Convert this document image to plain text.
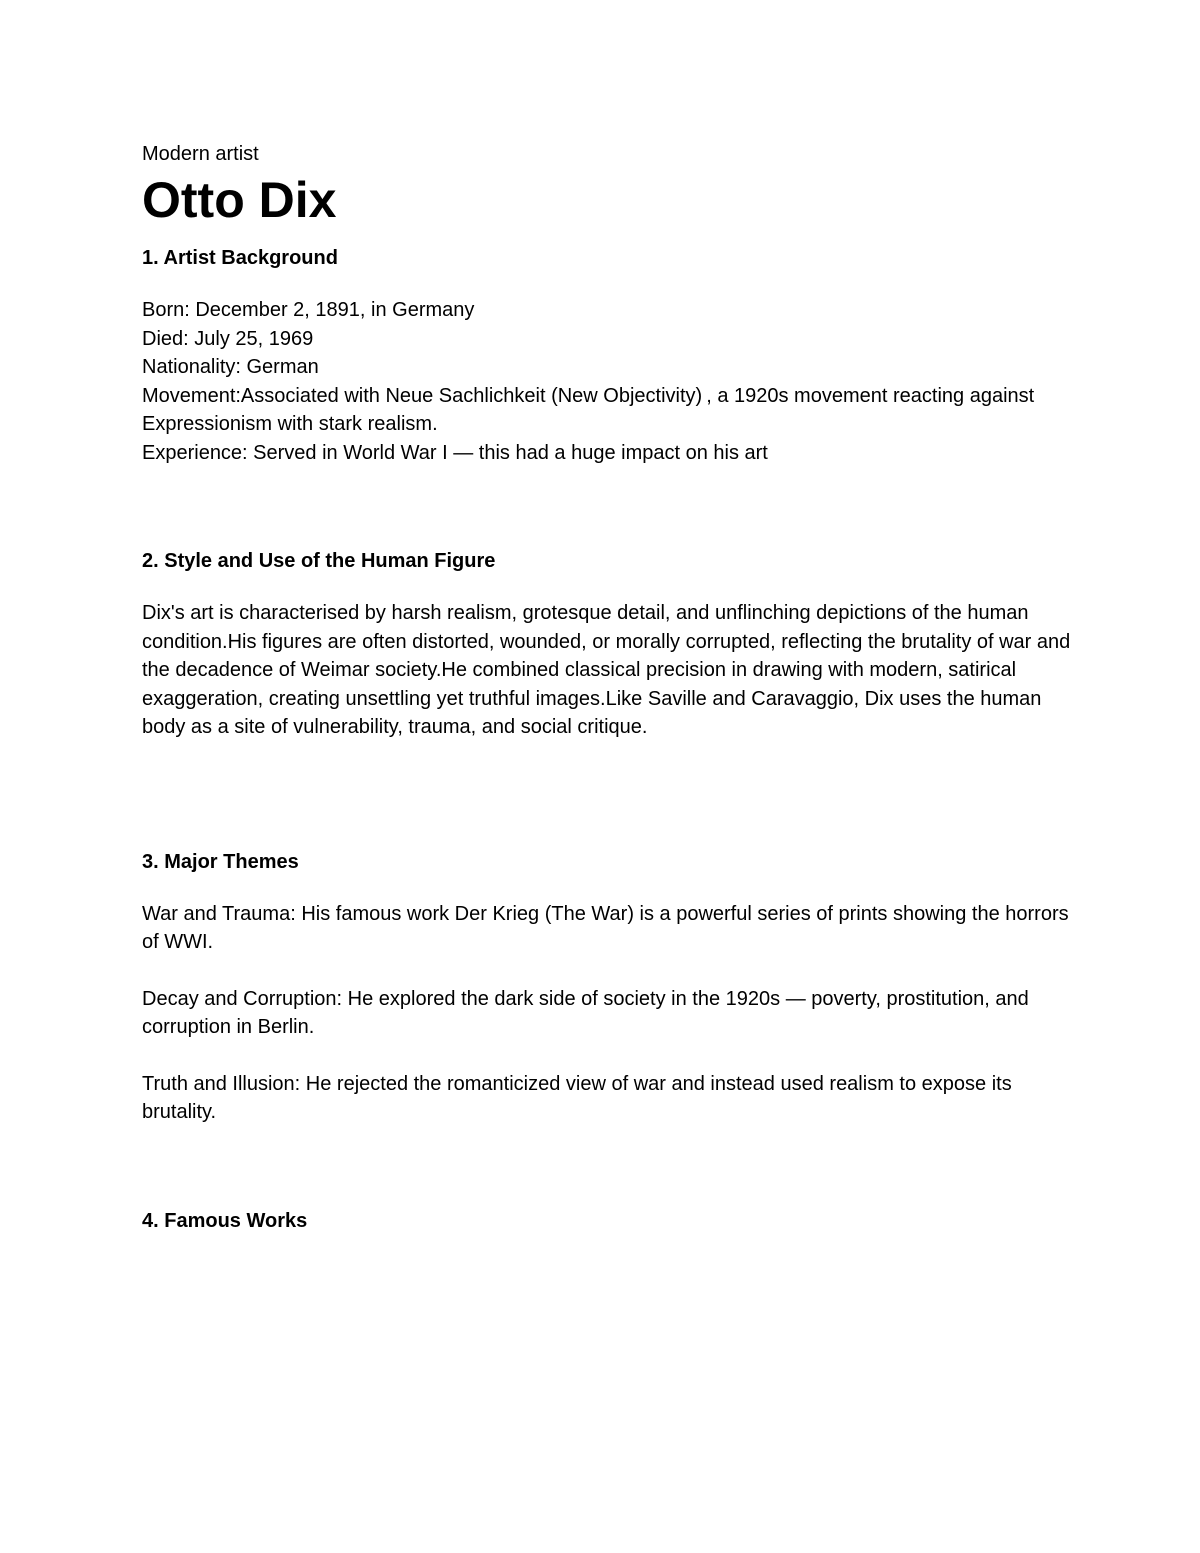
Modern artist

Otto Dix
1. Artist Background
Born: December 2, 1891, in Germany
Died: July 25, 1969
Nationality: German
Movement:Associated with Neue Sachlichkeit (New Objectivity) , a 1920s movement reacting against Expressionism with stark realism.
Experience: Served in World War I — this had a huge impact on his art
2. Style and Use of the Human Figure

Dix's art is characterised by harsh realism, grotesque detail, and unflinching depictions of the human condition.His figures are often distorted, wounded, or morally corrupted, reflecting the brutality of war and the decadence of Weimar society.He combined classical precision in drawing with modern, satirical exaggeration, creating unsettling yet truthful images.Like Saville and Caravaggio, Dix uses the human body as a site of vulnerability, trauma, and social critique.

3. Major Themes

War and Trauma: His famous work Der Krieg (The War) is a powerful series of prints showing the horrors of WWI.

Decay and Corruption: He explored the dark side of society in the 1920s — poverty, prostitution, and corruption in Berlin.

Truth and Illusion: He rejected the romanticized view of war and instead used realism to expose its brutality.

4. Famous Works
